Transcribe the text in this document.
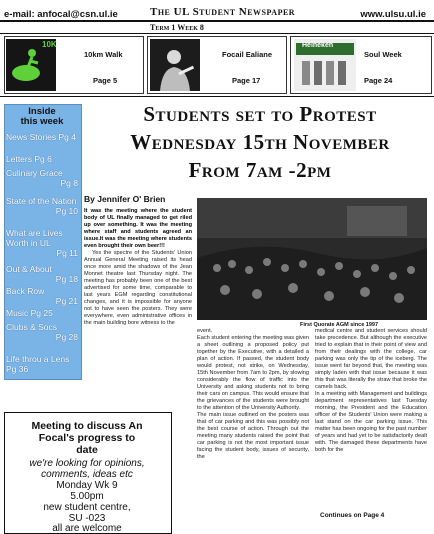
e-mail: anfocal@csn.ul.ie	The UL Student Newspaper	www.ulsu.ul.ie
Term 1 Week 8
10K
10km Walk
Page 5
Focail Ealiane
Page 17
Heineken
Soul Week
Page 24
Inside
this week
News Stories Pg 4
Letters Pg 6
Culinary Grace
Pg 8
State of the Nation
Pg 10
What are Lives Worth in UL
Pg 11
Out & About
Pg 18
Back Row
Pg 21
Music Pg 25
Clubs & Socs
Pg 28
Life throu a Lens Pg 36
Meeting to discuss An
Focal's progress to
date
we're looking for opinions,
comments, ideas etc
Monday Wk 9
5.00pm
new student centre,
SU -023
all are welcome
Students set to Protest
Wednesday 15th November
From 7am -2pm
By Jennifer O' Brien
It was the meeting where the student body of UL finally managed to get riled up over something. It was the meeting where staff and students agreed an issue.It was the meeting where students even brought their own beer!!!
Yes the spectre of the Students' Union Annual General Meeting raised its head once more amid the shadows of the Jean Monnet theatre last Thursday night. The meeting has probably been one of the best advertised for some time, comparable to last years EGM regarding constitutional changes, and it is impossible for anyone not to have seen the posters. They were everywhere, even administrative offices in the main building bore witness to the	First Quorate AGM since 1997
event.
Each student entering the meeting was given a sheet outlining a proposed policy put together by the Executive, with a detailed a plan of action. If passed, the student body would protest, not strike, on Wednesday, 15th November from 7am to 2pm, by slowing considerably the flow of traffic into the University and asking students not to bring their cars on campus. This would ensure that the grievances of the students were brought to the attention of the University Authority.
The main issue outlined on the posters was that of car parking and this was possibly not the best course of action. Through out the meeting many students raised the point that car parking is not the most important issue facing the student body, issues of security, the
medical centre and student services should take precedence. But although the executive tried to explain that in their point of view and from their dealings with the college, car parking was only the tip of the iceberg. The issue went far beyond that, the meeting was simply laden with that issue because it was this that was literally the straw that broke the camels back.
In a meeting with Management and buildings department representatives last Tuesday morning, the President and the Education officer of the Students' Union were making a last stand on the car parking issue. This matter has been ongoing for the past number of years and had yet to be satisfactorily dealt with. The damaged these departments have both for the
Continues on Page 4
